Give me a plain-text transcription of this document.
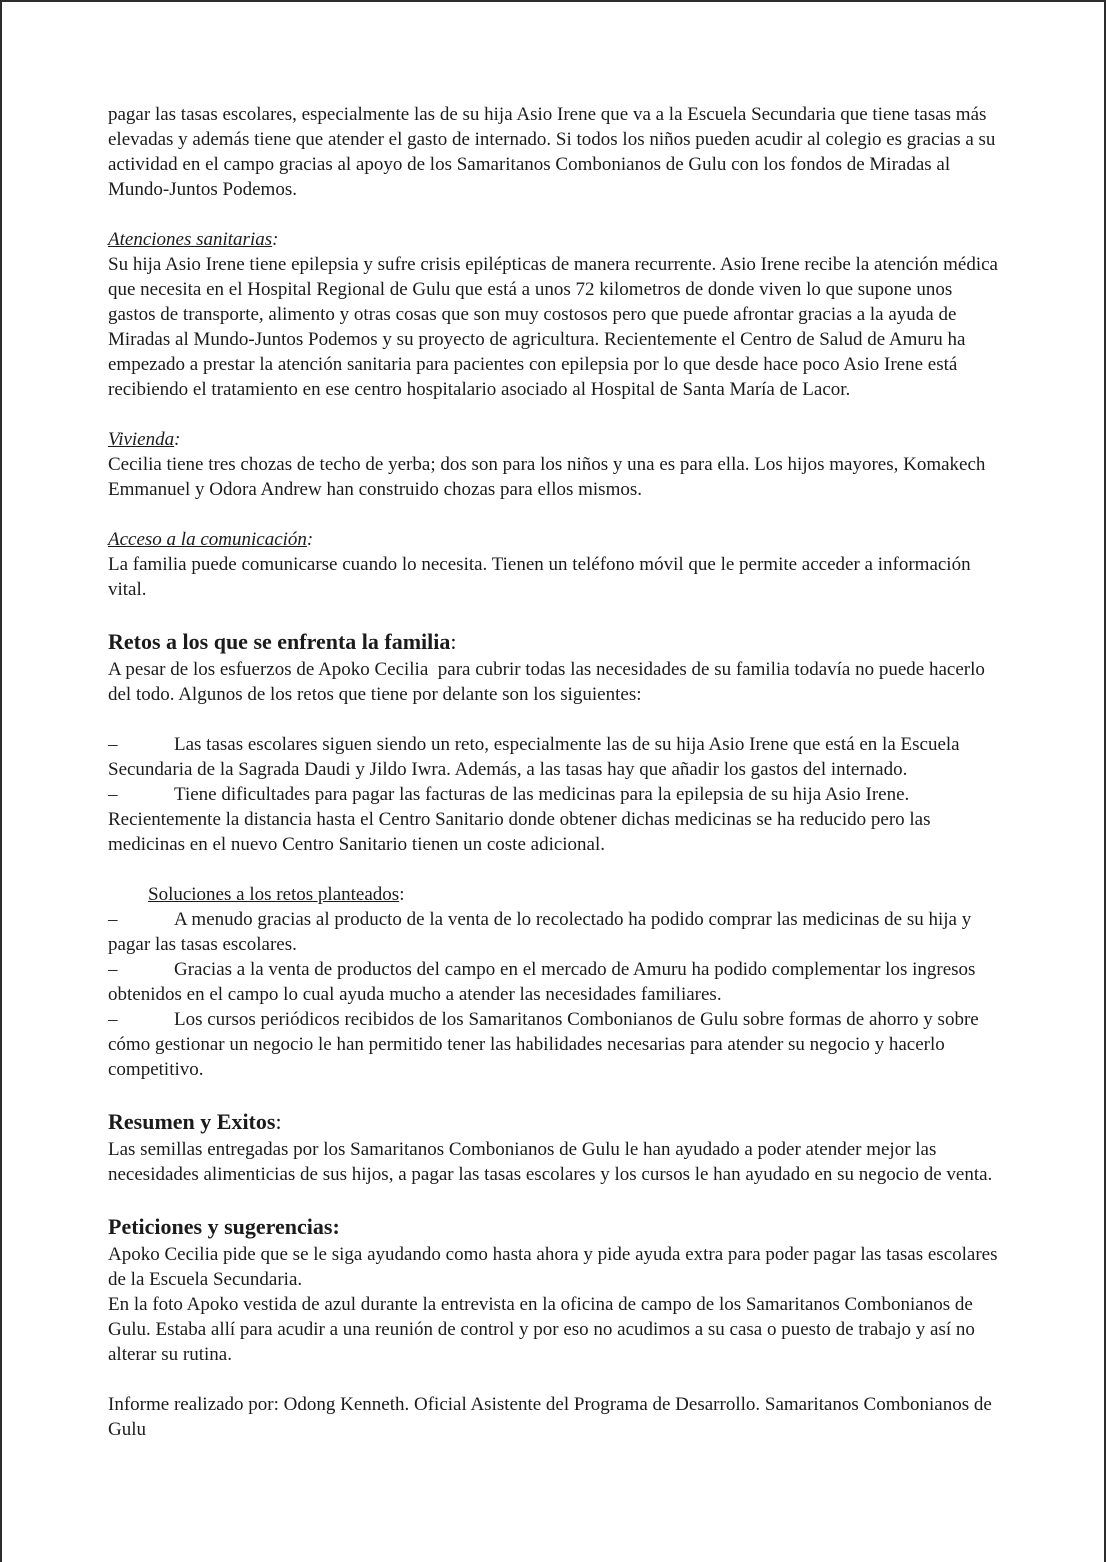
pagar las tasas escolares, especialmente las de su hija Asio Irene que va a la Escuela Secundaria que tiene tasas más elevadas y además tiene que atender el gasto de internado. Si todos los niños pueden acudir al colegio es gracias a su actividad en el campo gracias al apoyo de los Samaritanos Combonianos de Gulu con los fondos de Miradas al Mundo-Juntos Podemos.

Atenciones sanitarias:

Su hija Asio Irene tiene epilepsia y sufre crisis epilépticas de manera recurrente. Asio Irene recibe la atención médica que necesita en el Hospital Regional de Gulu que está a unos 72 kilometros de donde viven lo que supone unos gastos de transporte, alimento y otras cosas que son muy costosos pero que puede afrontar gracias a la ayuda de Miradas al Mundo-Juntos Podemos y su proyecto de agricultura. Recientemente el Centro de Salud de Amuru ha empezado a prestar la atención sanitaria para pacientes con epilepsia por lo que desde hace poco Asio Irene está recibiendo el tratamiento en ese centro hospitalario asociado al Hospital de Santa María de Lacor.

Vivienda:

Cecilia tiene tres chozas de techo de yerba; dos son para los niños y una es para ella. Los hijos mayores, Komakech Emmanuel y Odora Andrew han construido chozas para ellos mismos.

Acceso a la comunicación:

La familia puede comunicarse cuando lo necesita. Tienen un teléfono móvil que le permite acceder a información vital.

Retos a los que se enfrenta la familia:

A pesar de los esfuerzos de Apoko Cecilia  para cubrir todas las necesidades de su familia todavía no puede hacerlo del todo. Algunos de los retos que tiene por delante son los siguientes:

–	Las tasas escolares siguen siendo un reto, especialmente las de su hija Asio Irene que está en la Escuela Secundaria de la Sagrada Daudi y Jildo Iwra. Además, a las tasas hay que añadir los gastos del internado.

–	Tiene dificultades para pagar las facturas de las medicinas para la epilepsia de su hija Asio Irene. Recientemente la distancia hasta el Centro Sanitario donde obtener dichas medicinas se ha reducido pero las medicinas en el nuevo Centro Sanitario tienen un coste adicional.

Soluciones a los retos planteados:

–	A menudo gracias al producto de la venta de lo recolectado ha podido comprar las medicinas de su hija y pagar las tasas escolares.

–	Gracias a la venta de productos del campo en el mercado de Amuru ha podido complementar los ingresos obtenidos en el campo lo cual ayuda mucho a atender las necesidades familiares.

–	Los cursos periódicos recibidos de los Samaritanos Combonianos de Gulu sobre formas de ahorro y sobre cómo gestionar un negocio le han permitido tener las habilidades necesarias para atender su negocio y hacerlo competitivo.

Resumen y Exitos:

Las semillas entregadas por los Samaritanos Combonianos de Gulu le han ayudado a poder atender mejor las necesidades alimenticias de sus hijos, a pagar las tasas escolares y los cursos le han ayudado en su negocio de venta.

Peticiones y sugerencias:

Apoko Cecilia pide que se le siga ayudando como hasta ahora y pide ayuda extra para poder pagar las tasas escolares de la Escuela Secundaria.

En la foto Apoko vestida de azul durante la entrevista en la oficina de campo de los Samaritanos Combonianos de Gulu. Estaba allí para acudir a una reunión de control y por eso no acudimos a su casa o puesto de trabajo y así no alterar su rutina.

Informe realizado por: Odong Kenneth. Oficial Asistente del Programa de Desarrollo. Samaritanos Combonianos de Gulu
